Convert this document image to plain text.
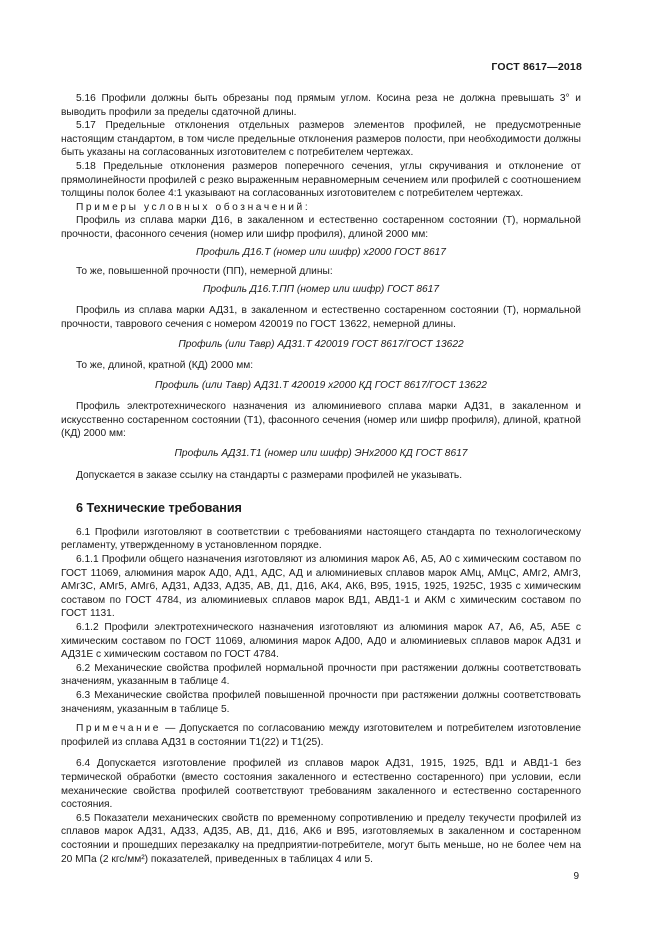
ГОСТ 8617—2018

5.16 Профили должны быть обрезаны под прямым углом. Косина реза не должна превышать 3° и выводить профили за пределы сдаточной длины.

5.17 Предельные отклонения отдельных размеров элементов профилей, не предусмотренные настоящим стандартом, в том числе предельные отклонения размеров полости, при необходимости должны быть указаны на согласованных изготовителем с потребителем чертежах.

5.18 Предельные отклонения размеров поперечного сечения, углы скручивания и отклонение от прямолинейности профилей с резко выраженным неравномерным сечением или профилей с соотношением толщины полок более 4:1 указывают на согласованных изготовителем с потребителем чертежах.

Примеры условных обозначений:

Профиль из сплава марки Д16, в закаленном и естественно состаренном состоянии (Т), нормальной прочности, фасонного сечения (номер или шифр профиля), длиной 2000 мм:

Профиль Д16.Т (номер или шифр) х2000 ГОСТ 8617

То же, повышенной прочности (ПП), немерной длины:

Профиль Д16.Т.ПП (номер или шифр) ГОСТ 8617

Профиль из сплава марки АД31, в закаленном и естественно состаренном состоянии (Т), нормальной прочности, таврового сечения с номером 420019 по ГОСТ 13622, немерной длины.

Профиль (или Тавр) АД31.Т 420019 ГОСТ 8617/ГОСТ 13622

То же, длиной, кратной (КД) 2000 мм:

Профиль (или Тавр) АД31.Т 420019 х2000 КД ГОСТ 8617/ГОСТ 13622

Профиль электротехнического назначения из алюминиевого сплава марки АД31, в закаленном и искусственно состаренном состоянии (Т1), фасонного сечения (номер или шифр профиля), длиной, кратной (КД) 2000 мм:

Профиль АД31.Т1 (номер или шифр) ЭНх2000 КД ГОСТ 8617

Допускается в заказе ссылку на стандарты с размерами профилей не указывать.

6 Технические требования

6.1 Профили изготовляют в соответствии с требованиями настоящего стандарта по технологическому регламенту, утвержденному в установленном порядке.

6.1.1 Профили общего назначения изготовляют из алюминия марок А6, А5, А0 с химическим составом по ГОСТ 11069, алюминия марок АД0, АД1, АДС, АД и алюминиевых сплавов марок АМц, АМцС, АМг2, АМг3, АМг3С, АМг5, АМг6, АД31, АД33, АД35, АВ, Д1, Д16, АК4, АК6, В95, 1915, 1925, 1925С, 1935 с химическим составом по ГОСТ 4784, из алюминиевых сплавов марок ВД1, АВД1-1 и АКМ с химическим составом по ГОСТ 1131.

6.1.2 Профили электротехнического назначения изготовляют из алюминия марок А7, А6, А5, А5Е с химическим составом по ГОСТ 11069, алюминия марок АД00, АД0 и алюминиевых сплавов марок АД31 и АД31Е с химическим составом по ГОСТ 4784.

6.2 Механические свойства профилей нормальной прочности при растяжении должны соответствовать значениям, указанным в таблице 4.

6.3 Механические свойства профилей повышенной прочности при растяжении должны соответствовать значениям, указанным в таблице 5.

Примечание — Допускается по согласованию между изготовителем и потребителем изготовление профилей из сплава АД31 в состоянии Т1(22) и Т1(25).

6.4 Допускается изготовление профилей из сплавов марок АД31, 1915, 1925, ВД1 и АВД1-1 без термической обработки (вместо состояния закаленного и естественно состаренного) при условии, если механические свойства профилей соответствуют требованиям закаленного и естественно состаренного состояния.

6.5 Показатели механических свойств по временному сопротивлению и пределу текучести профилей из сплавов марок АД31, АД33, АД35, АВ, Д1, Д16, АК6 и В95, изготовляемых в закаленном и состаренном состоянии и прошедших перезакалку на предприятии-потребителе, могут быть меньше, но не более чем на 20 МПа (2 кгс/мм²) показателей, приведенных в таблицах 4 или 5.

9
